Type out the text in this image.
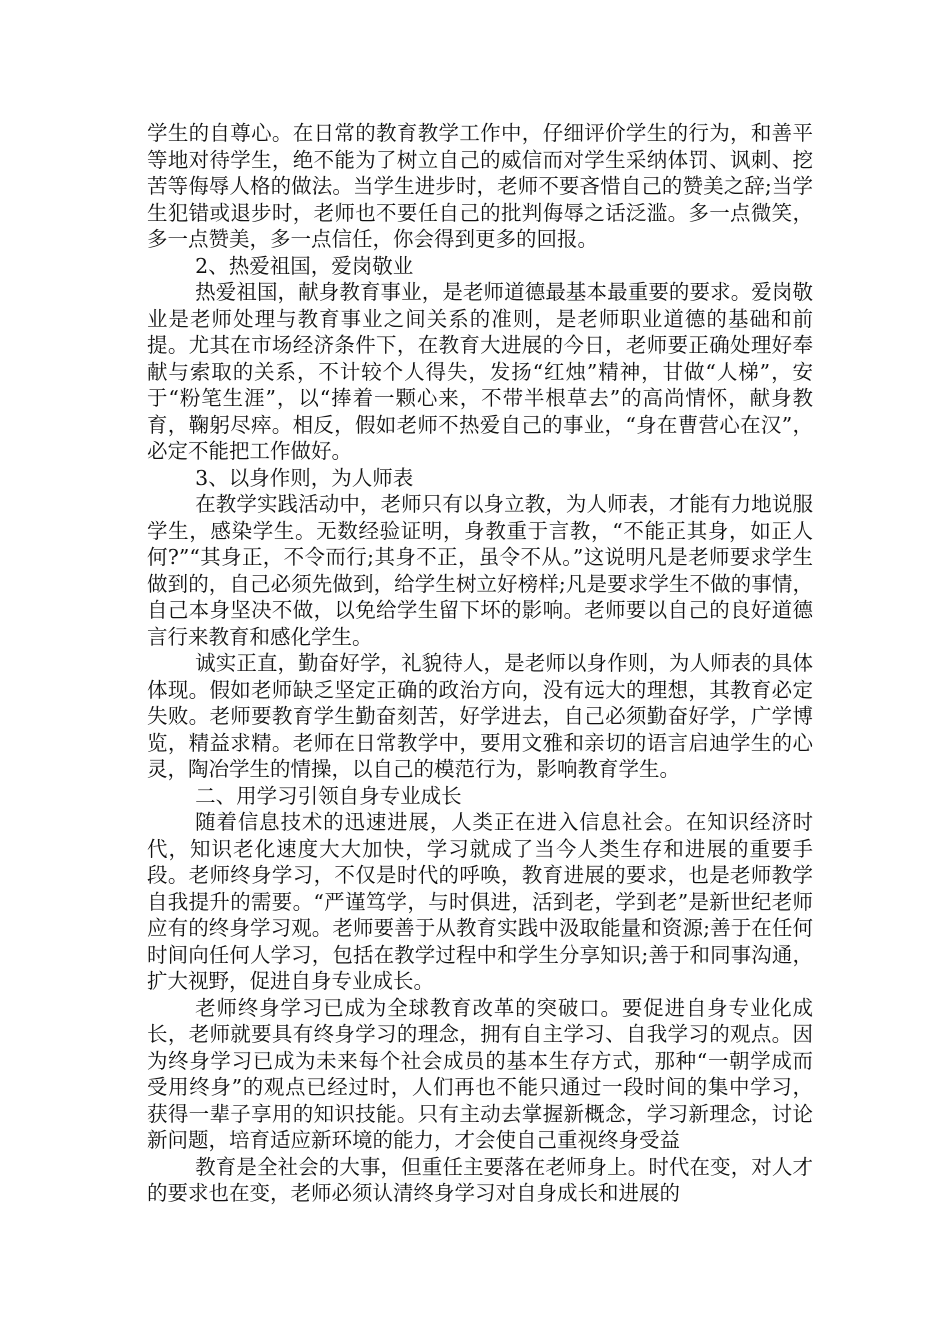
学生的自尊心。在日常的教育教学工作中，仔细评价学生的行为，和善平等地对待学生，绝不能为了树立自己的威信而对学生采纳体罚、讽刺、挖苦等侮辱人格的做法。当学生进步时，老师不要吝惜自己的赞美之辞;当学生犯错或退步时，老师也不要任自己的批判侮辱之话泛滥。多一点微笑，多一点赞美，多一点信任，你会得到更多的回报。

2、热爱祖国，爱岗敬业

热爱祖国，献身教育事业，是老师道德最基本最重要的要求。爱岗敬业是老师处理与教育事业之间关系的准则，是老师职业道德的基础和前提。尤其在市场经济条件下，在教育大进展的今日，老师要正确处理好奉献与索取的关系，不计较个人得失，发扬“红烛”精神，甘做“人梯”，安于“粉笔生涯”，以“捧着一颗心来，不带半根草去”的高尚情怀，献身教育，鞠躬尽瘁。相反，假如老师不热爱自己的事业，“身在曹营心在汉”，必定不能把工作做好。

3、以身作则，为人师表

在教学实践活动中，老师只有以身立教，为人师表，才能有力地说服学生，感染学生。无数经验证明，身教重于言教，“不能正其身，如正人何?”“其身正，不令而行;其身不正，虽令不从。”这说明凡是老师要求学生做到的，自己必须先做到，给学生树立好榜样;凡是要求学生不做的事情，自己本身坚决不做，以免给学生留下坏的影响。老师要以自己的良好道德言行来教育和感化学生。

诚实正直，勤奋好学，礼貌待人，是老师以身作则，为人师表的具体体现。假如老师缺乏坚定正确的政治方向，没有远大的理想，其教育必定失败。老师要教育学生勤奋刻苦，好学进去，自己必须勤奋好学，广学博览，精益求精。老师在日常教学中，要用文雅和亲切的语言启迪学生的心灵，陶冶学生的情操，以自己的模范行为，影响教育学生。

二、用学习引领自身专业成长

随着信息技术的迅速进展，人类正在进入信息社会。在知识经济时代，知识老化速度大大加快，学习就成了当今人类生存和进展的重要手段。老师终身学习，不仅是时代的呼唤，教育进展的要求，也是老师教学自我提升的需要。“严谨笃学，与时俱进，活到老，学到老”是新世纪老师应有的终身学习观。老师要善于从教育实践中汲取能量和资源;善于在任何时间向任何人学习，包括在教学过程中和学生分享知识;善于和同事沟通，扩大视野，促进自身专业成长。

老师终身学习已成为全球教育改革的突破口。要促进自身专业化成长，老师就要具有终身学习的理念，拥有自主学习、自我学习的观点。因为终身学习已成为未来每个社会成员的基本生存方式，那种“一朝学成而受用终身”的观点已经过时，人们再也不能只通过一段时间的集中学习，获得一辈子享用的知识技能。只有主动去掌握新概念，学习新理念，讨论新问题，培育适应新环境的能力，才会使自己重视终身受益

教育是全社会的大事，但重任主要落在老师身上。时代在变，对人才的要求也在变，老师必须认清终身学习对自身成长和进展的
